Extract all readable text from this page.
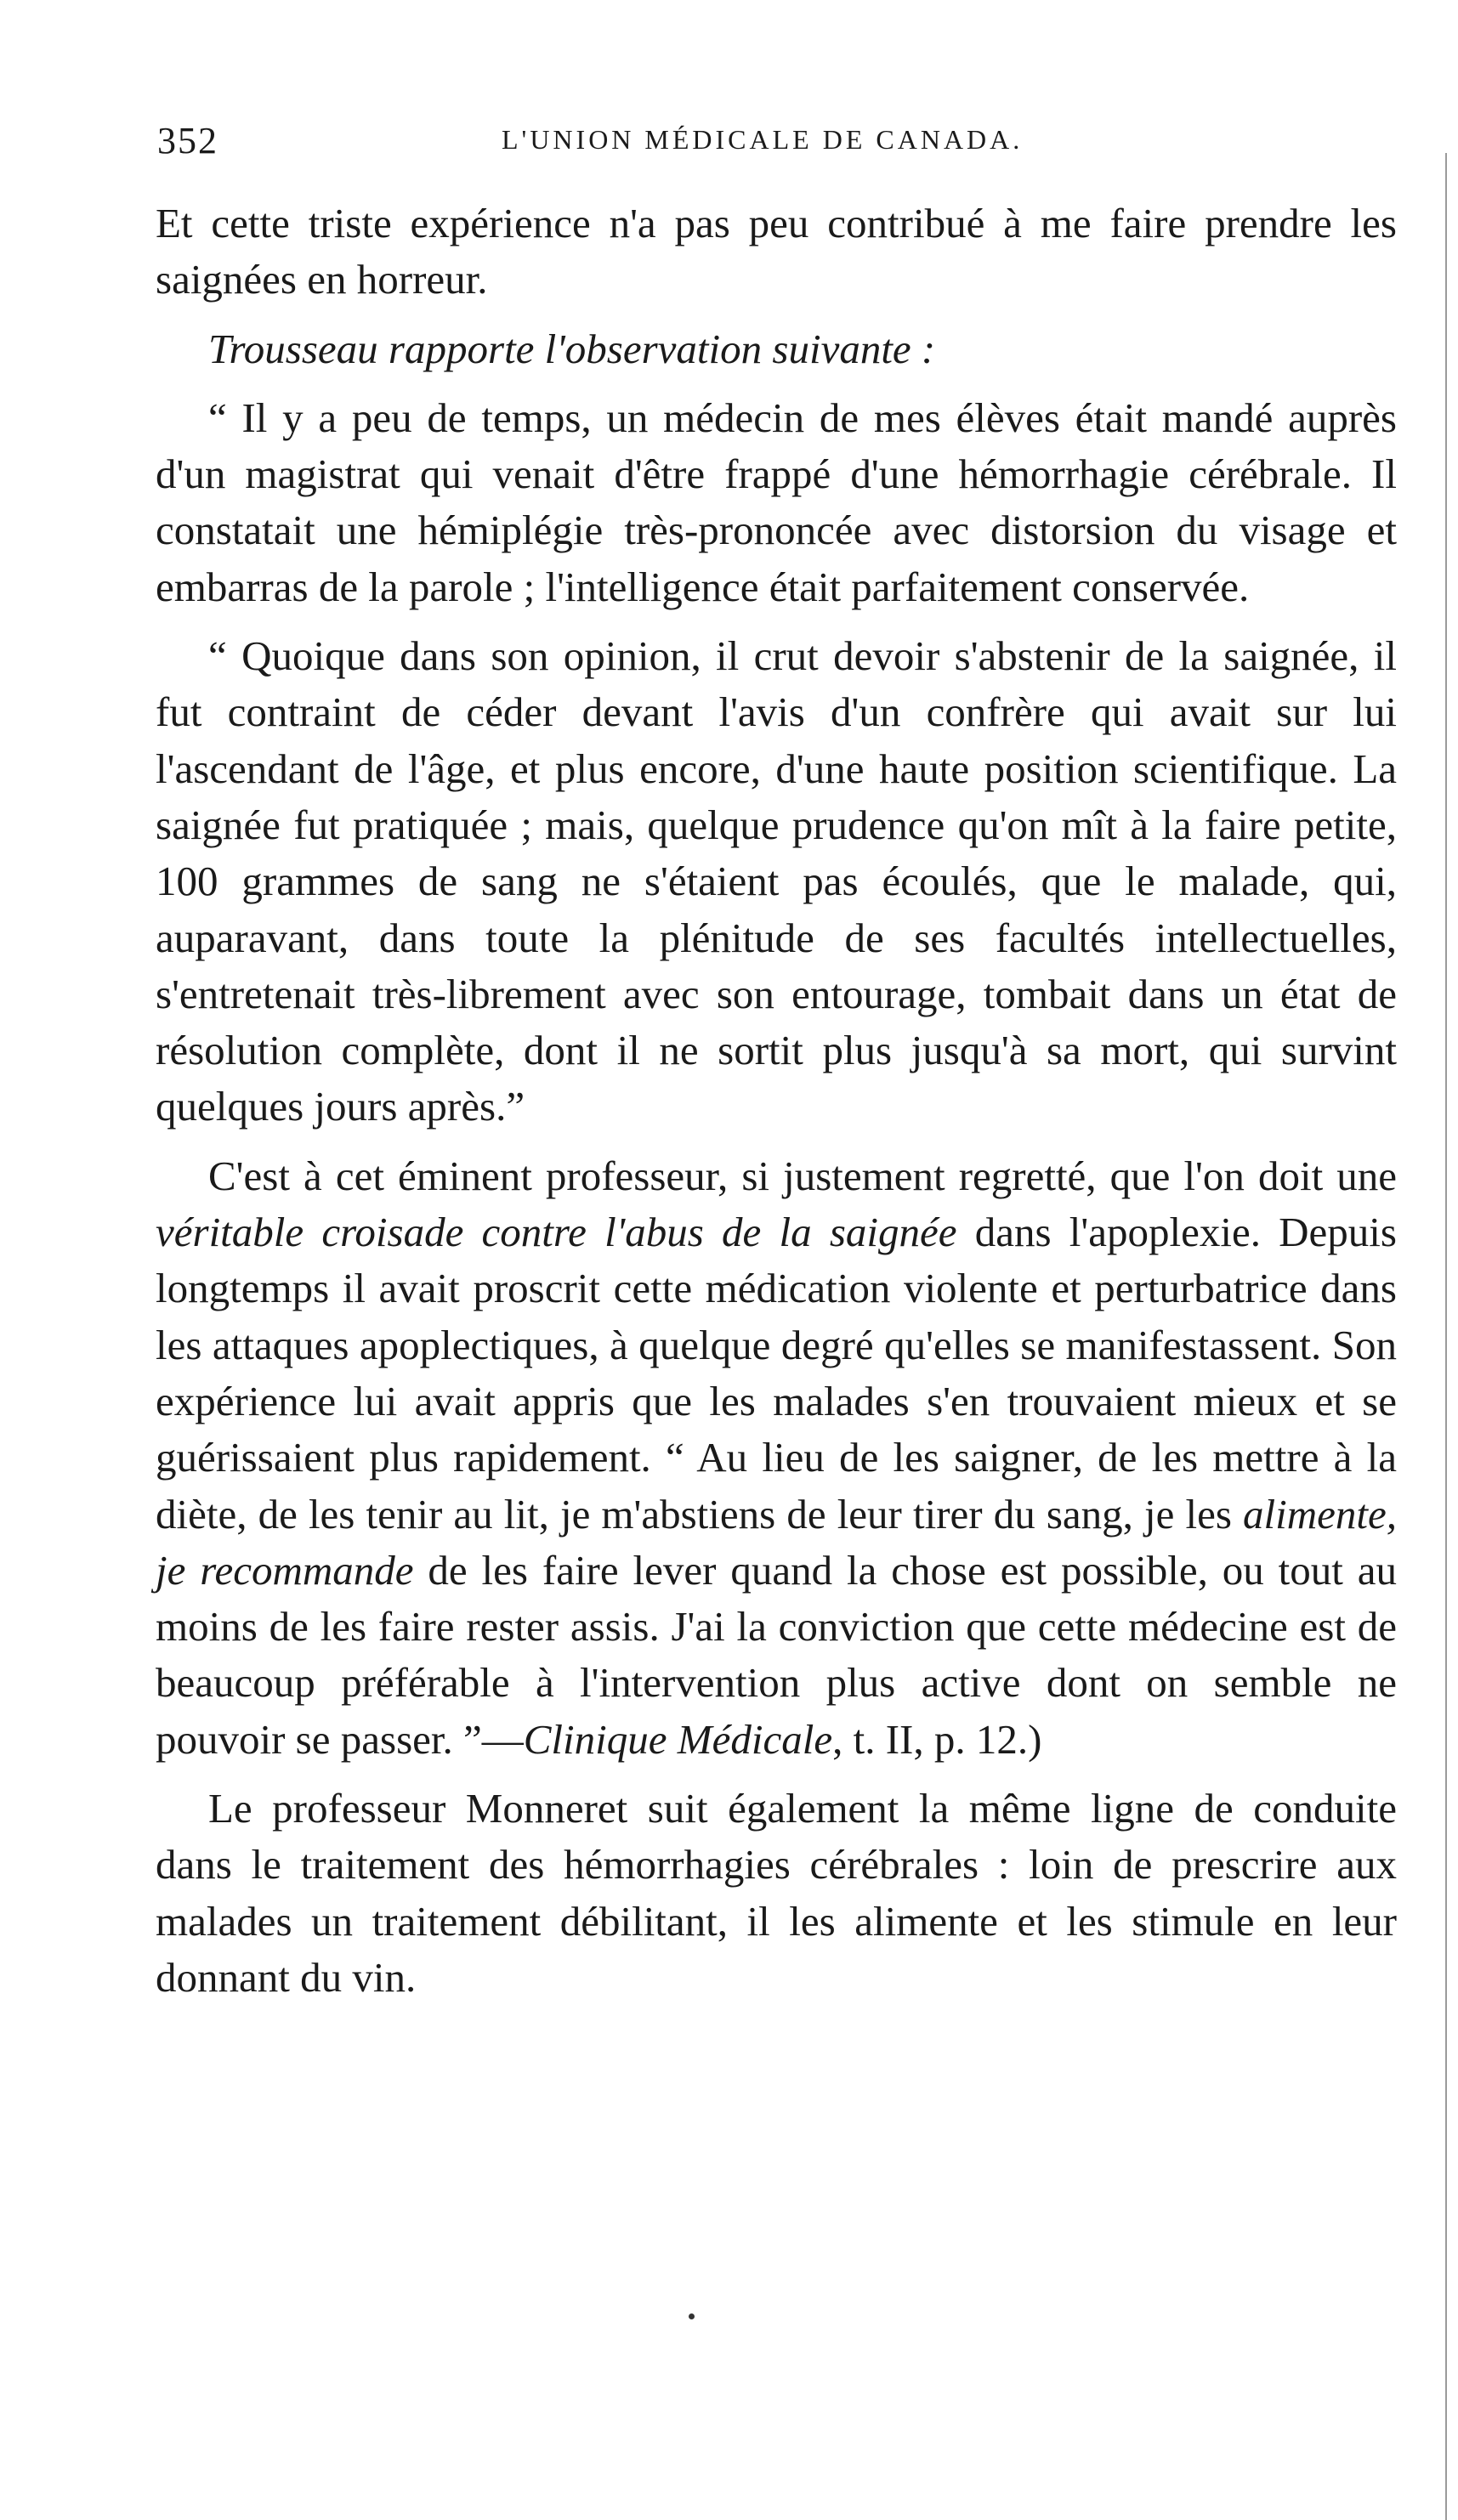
352	L'UNION MÉDICALE DE CANADA.

Et cette triste expérience n'a pas peu contribué à me faire prendre les saignées en horreur.

Trousseau rapporte l'observation suivante :

“ Il y a peu de temps, un médecin de mes élèves était mandé auprès d'un magistrat qui venait d'être frappé d'une hémorrhagie cérébrale. Il constatait une hémiplégie très-prononcée avec distorsion du visage et embarras de la parole ; l'intelligence était parfaitement conservée.

“ Quoique dans son opinion, il crut devoir s'abstenir de la saignée, il fut contraint de céder devant l'avis d'un confrère qui avait sur lui l'ascendant de l'âge, et plus encore, d'une haute position scientifique. La saignée fut pratiquée ; mais, quelque prudence qu'on mît à la faire petite, 100 grammes de sang ne s'étaient pas écoulés, que le malade, qui, auparavant, dans toute la plénitude de ses facultés intellectuelles, s'entretenait très-librement avec son entourage, tombait dans un état de résolution complète, dont il ne sortit plus jusqu'à sa mort, qui survint quelques jours après.”

C'est à cet éminent professeur, si justement regretté, que l'on doit une véritable croisade contre l'abus de la saignée dans l'apoplexie. Depuis longtemps il avait proscrit cette médication violente et perturbatrice dans les attaques apoplectiques, à quelque degré qu'elles se manifestassent. Son expérience lui avait appris que les malades s'en trouvaient mieux et se guérissaient plus rapidement. “ Au lieu de les saigner, de les mettre à la diète, de les tenir au lit, je m'abstiens de leur tirer du sang, je les alimente, je recommande de les faire lever quand la chose est possible, ou tout au moins de les faire rester assis. J'ai la conviction que cette médecine est de beaucoup préférable à l'intervention plus active dont on semble ne pouvoir se passer. ”—Clinique Médicale, t. II, p. 12.)

Le professeur Monneret suit également la même ligne de conduite dans le traitement des hémorrhagies cérébrales : loin de prescrire aux malades un traitement débilitant, il les alimente et les stimule en leur donnant du vin.
